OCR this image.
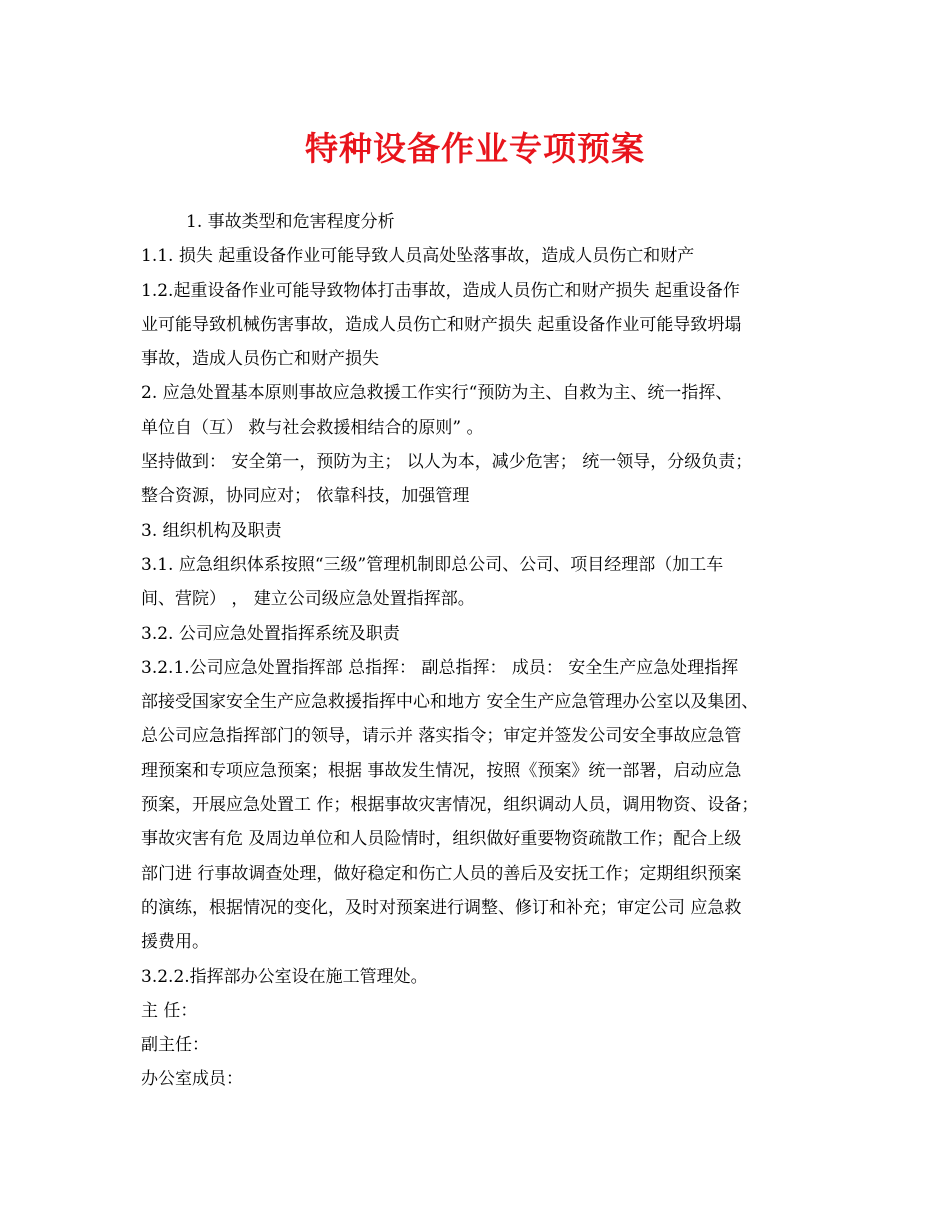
特种设备作业专项预案
1. 事故类型和危害程度分析
1.1. 损失 起重设备作业可能导致人员高处坠落事故，造成人员伤亡和财产
1.2.起重设备作业可能导致物体打击事故，造成人员伤亡和财产损失 起重设备作
业可能导致机械伤害事故，造成人员伤亡和财产损失 起重设备作业可能导致坍塌
事故，造成人员伤亡和财产损失
2. 应急处置基本原则事故应急救援工作实行“预防为主、自救为主、统一指挥、
单位自（互） 救与社会救援相结合的原则” 。
坚持做到： 安全第一，预防为主； 以人为本，减少危害； 统一领导，分级负责；
整合资源，协同应对； 依靠科技，加强管理
3. 组织机构及职责
3.1. 应急组织体系按照“三级”管理机制即总公司、公司、项目经理部（加工车
间、营院） ， 建立公司级应急处置指挥部。
3.2. 公司应急处置指挥系统及职责
3.2.1.公司应急处置指挥部 总指挥： 副总指挥： 成员： 安全生产应急处理指挥
部接受国家安全生产应急救援指挥中心和地方 安全生产应急管理办公室以及集团、
总公司应急指挥部门的领导，请示并 落实指令；审定并签发公司安全事故应急管
理预案和专项应急预案；根据 事故发生情况，按照《预案》统一部署，启动应急
预案，开展应急处置工 作；根据事故灾害情况，组织调动人员，调用物资、设备；
事故灾害有危 及周边单位和人员险情时，组织做好重要物资疏散工作；配合上级
部门进 行事故调查处理，做好稳定和伤亡人员的善后及安抚工作；定期组织预案
的演练，根据情况的变化，及时对预案进行调整、修订和补充；审定公司 应急救
援费用。
3.2.2.指挥部办公室设在施工管理处。
主 任：
副主任：
办公室成员：
